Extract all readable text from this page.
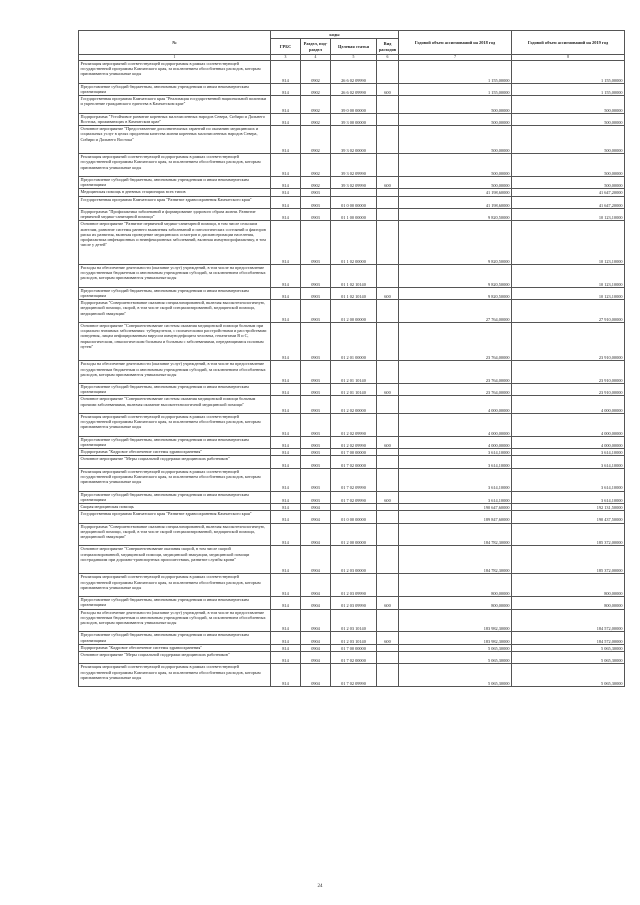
№	коды				Годовой объем ассигнований на 2018 год	Годовой объем ассигнований на 2019 год
	ГРБС	Раздел, под-раздел	Целевая статья	Вид расходов		
1	3	4	5	6	7	8
Реализация мероприятий соответствующей подпрограммы в рамках соответствующей государственной программы Камчатского края, за исключением обособленных расходов, которым присваиваются уникальные коды	814	0902	26 6 02 09990		1 155,00000	1 155,00000
Предоставление субсидий бюджетным, автономным учреждениям и иным некоммерческим организациям	814	0902	26 6 02 09990	600	1 155,00000	1 155,00000
Государственная программа Камчатского края "Реализация государственной национальной политики и укрепление гражданского единства в Камчатском крае"	814	0902	39 0 00 00000		500,00000	500,00000
Подпрограмма "Устойчивое развитие коренных малочисленных народов Севера, Сибири и Дальнего Востока, проживающих в Камчатском крае"	814	0902	39 3 00 00000		500,00000	500,00000
Основное мероприятие "Предоставление дополнительных гарантий по оказанию медицинских и социальных услуг в целях продления качества жизни коренных малочисленных народов Севера, Сибири и Дальнего Востока"	814	0902	39 3 02 00000		500,00000	500,00000
Реализация мероприятий соответствующей подпрограммы в рамках соответствующей государственной программы Камчатского края, за исключением обособленных расходов, которым присваиваются уникальные коды	814	0902	39 3 02 09990		500,00000	500,00000
Предоставление субсидий бюджетным, автономным учреждениям и иным некоммерческим организациям	814	0902	39 3 02 09990	600	500,00000	500,00000
Медицинская помощь в дневных стационарах всех типов	814	0903			41 198,60000	41 647,20000
Государственная программа Камчатского края "Развитие здравоохранения Камчатского края"	814	0903	01 0 00 00000		41 198,60000	41 647,20000
Подпрограмма "Профилактика заболеваний и формирование здорового образа жизни. Развитие первичной медико-санитарной помощи"	814	0903	01 1 00 00000		9 820,50000	10 123,10000
Основное мероприятие "Развитие первичной медико-санитарной помощи, в том числе сельским жителям, развитие системы раннего выявления заболеваний и патологических состояний и факторов риска их развития, включая проведение медицинских осмотров и диспансеризации населения, профилактика инфекционных и неинфекционных заболеваний, включая иммунопрофилактику, в том числе у детей"	814	0903	01 1 02 00000		9 820,50000	10 123,10000
Расходы на обеспечение деятельности (оказание услуг) учреждений, в том числе на предоставление государственным бюджетным и автономным учреждениям субсидий, за исключением обособленных расходов, которым присваиваются уникальные коды	814	0903	01 1 02 10140		9 820,50000	10 123,10000
Предоставление субсидий бюджетным, автономным учреждениям и иным некоммерческим организациям	814	0903	01 1 02 10140	600	9 820,50000	10 123,10000
Подпрограмма "Совершенствование оказания специализированной, включая высокотехнологичную, медицинской помощи, скорой, в том числе скорой специализированной, медицинской помощи, медицинской эвакуации"	814	0903	01 2 00 00000		27 764,00000	27 910,00000
Основное мероприятие "Совершенствование системы оказания медицинской помощи больным при социально значимых заболеваниях: туберкулезом, с психическими расстройствами и расстройствами поведения, лицам инфицированным вирусом иммунодефицита человека, гепатитами B и C, наркологическим, онкологическим больным и больным с заболеваниями, передающимися половым путем"	814	0903	01 2 01 00000		23 764,00000	23 910,00000
Расходы на обеспечение деятельности (оказание услуг) учреждений, в том числе на предоставление государственным бюджетным и автономным учреждениям субсидий, за исключением обособленных расходов, которым присваиваются уникальные коды	814	0903	01 2 01 10140		23 764,00000	23 910,00000
Предоставление субсидий бюджетным, автономным учреждениям и иным некоммерческим организациям	814	0903	01 2 01 10140	600	23 764,00000	23 910,00000
Основное мероприятие "Совершенствование системы оказания медицинской помощи больным прочими заболеваниями, включая оказание высокотехнологичной медицинской помощи"	814	0903	01 2 02 00000		4 000,00000	4 000,00000
Реализация мероприятий соответствующей подпрограммы в рамках соответствующей государственной программы Камчатского края, за исключением обособленных расходов, которым присваиваются уникальные коды	814	0903	01 2 02 09990		4 000,00000	4 000,00000
Предоставление субсидий бюджетным, автономным учреждениям и иным некоммерческим организациям	814	0903	01 2 02 09990	600	4 000,00000	4 000,00000
Подпрограмма "Кадровое обеспечение системы здравоохранения"	814	0903	01 7 00 00000		3 614,10000	3 614,10000
Основное мероприятие "Меры социальной поддержки медицинских работников"	814	0903	01 7 02 00000		3 614,10000	3 614,10000
Реализация мероприятий соответствующей подпрограммы в рамках соответствующей государственной программы Камчатского края, за исключением обособленных расходов, которым присваиваются уникальные коды	814	0903	01 7 02 09990		3 614,10000	3 614,10000
Предоставление субсидий бюджетным, автономным учреждениям и иным некоммерческим организациям	814	0903	01 7 02 09990	600	3 614,10000	3 614,10000
Скорая медицинская помощь	814	0904			190 647,60000	192 131,50000
Государственная программа Камчатского края "Развитие здравоохранения Камчатского края"	814	0904	01 0 00 00000		189 847,60000	190 437,50000
Подпрограмма "Совершенствование оказания специализированной, включая высокотехнологичную, медицинской помощи, скорой, в том числе скорой специализированной, медицинской помощи, медицинской эвакуации"	814	0904	01 2 00 00000		184 782,30000	185 372,00000
Основное мероприятие "Совершенствование оказания скорой, в том числе скорой специализированной, медицинской помощи, медицинской эвакуации, медицинской помощи пострадавшим при дорожно-транспортных происшествиях, развитие службы крови"	814	0904	01 2 03 00000		184 782,30000	185 372,00000
Реализация мероприятий соответствующей подпрограммы в рамках соответствующей государственной программы Камчатского края, за исключением обособленных расходов, которым присваиваются уникальные коды	814	0904	01 2 03 09990		800,00000	800,00000
Предоставление субсидий бюджетным, автономным учреждениям и иным некоммерческим организациям	814	0904	01 2 03 09990	600	800,00000	800,00000
Расходы на обеспечение деятельности (оказание услуг) учреждений, в том числе на предоставление государственным бюджетным и автономным учреждениям субсидий, за исключением обособленных расходов, которым присваиваются уникальные коды	814	0904	01 2 03 10140		183 982,30000	184 572,00000
Предоставление субсидий бюджетным, автономным учреждениям и иным некоммерческим организациям	814	0904	01 2 03 10140	600	183 982,30000	184 572,00000
Подпрограмма "Кадровое обеспечение системы здравоохранения"	814	0904	01 7 00 00000		5 065,30000	5 065,30000
Основное мероприятие "Меры социальной поддержки медицинских работников"	814	0904	01 7 02 00000		5 065,30000	5 065,30000
Реализация мероприятий соответствующей подпрограммы в рамках соответствующей государственной программы Камчатского края, за исключением обособленных расходов, которым присваиваются уникальные коды	814	0904	01 7 02 09990		5 065,30000	5 065,30000
24
